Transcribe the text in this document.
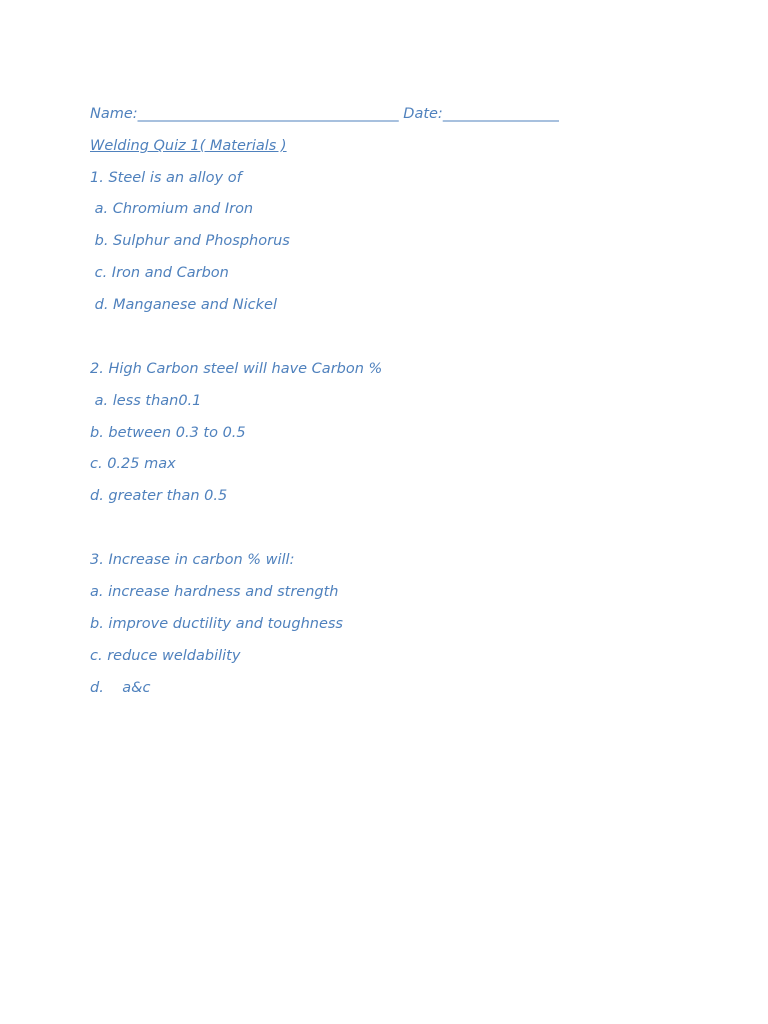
Name:____________________________________ Date:________________

Welding Quiz 1( Materials )

1. Steel is an alloy of

a. Chromium and Iron

b. Sulphur and Phosphorus

c. Iron and Carbon

d. Manganese and Nickel

2. High Carbon steel will have Carbon %

a. less than0.1

b. between 0.3 to 0.5

c. 0.25 max

d. greater than 0.5

3. Increase in carbon % will:

a. increase hardness and strength

b. improve ductility and toughness

c. reduce weldability

d.    a&c
